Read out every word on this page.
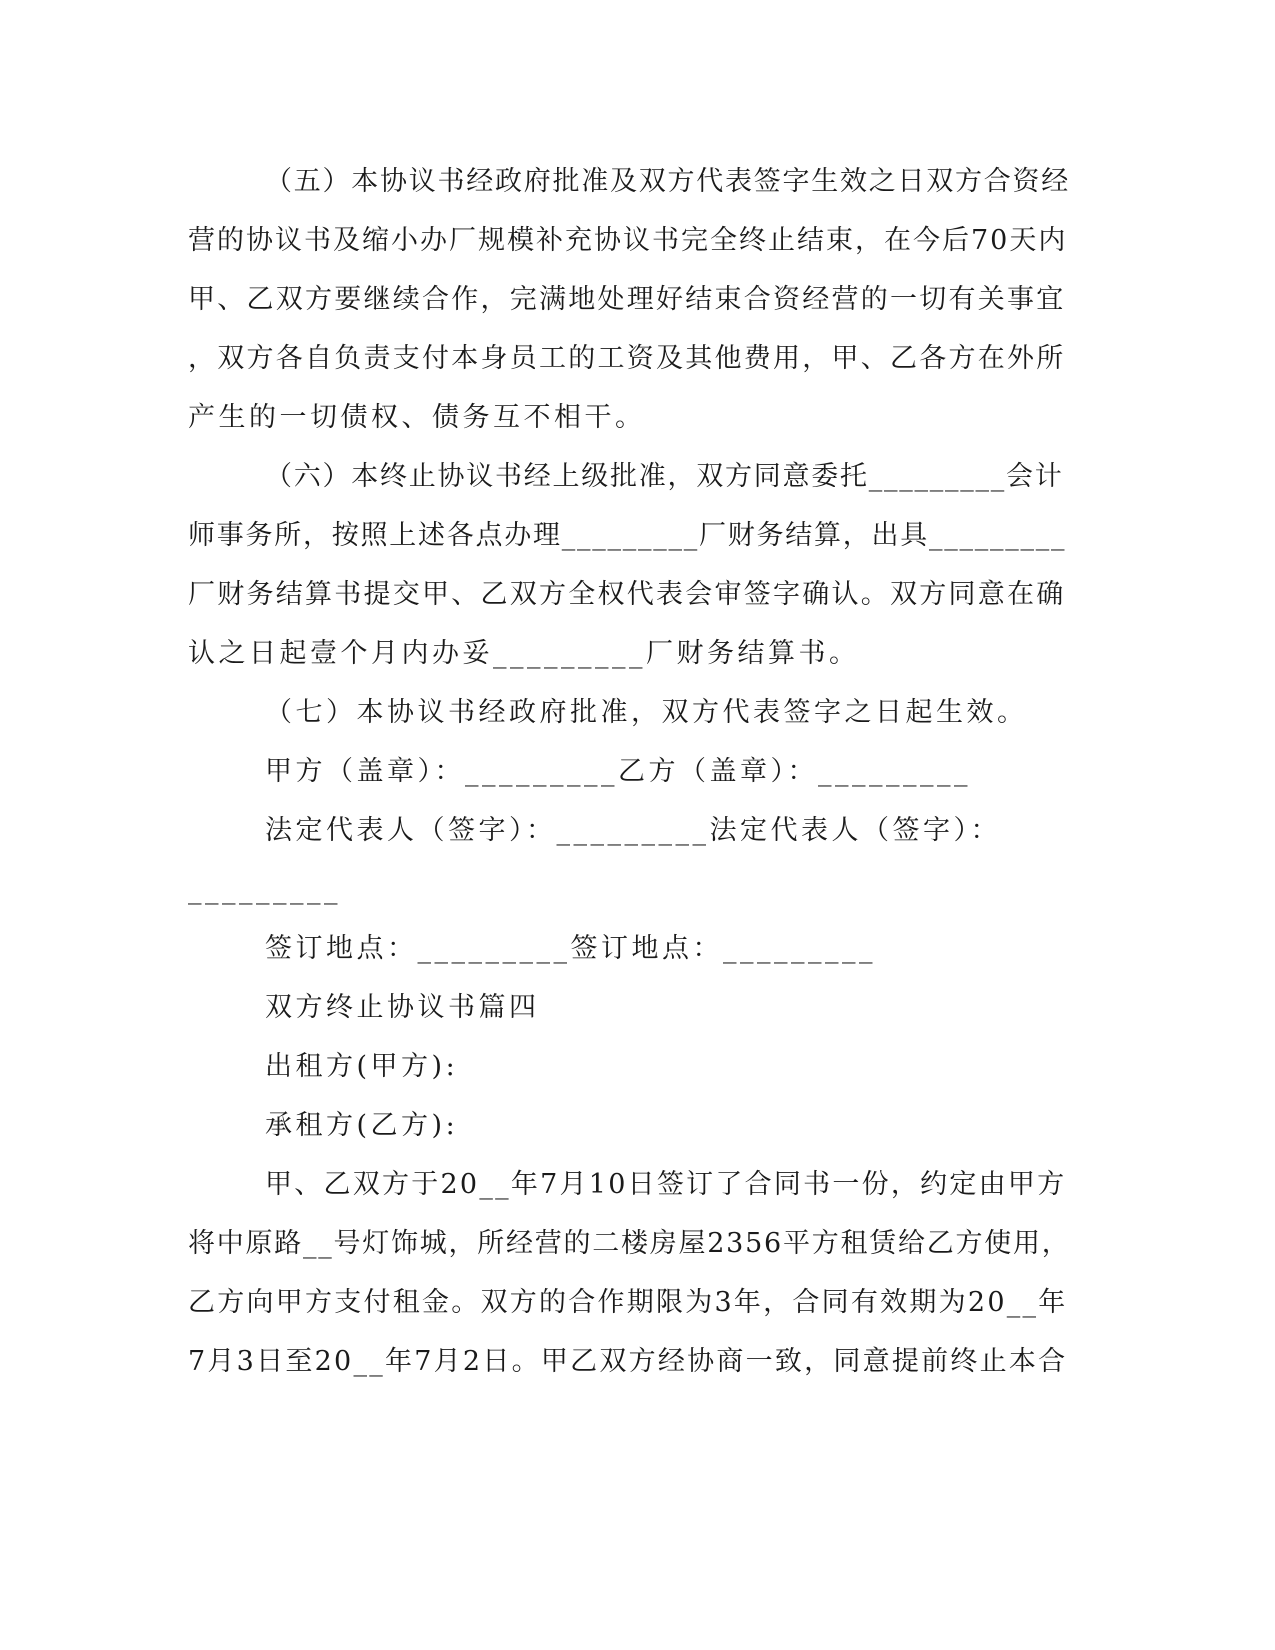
（五）本协议书经政府批准及双方代表签字生效之日双方合资经

营的协议书及缩小办厂规模补充协议书完全终止结束，在今后70天内

甲、乙双方要继续合作，完满地处理好结束合资经营的一切有关事宜

，双方各自负责支付本身员工的工资及其他费用，甲、乙各方在外所

产生的一切债权、债务互不相干。

（六）本终止协议书经上级批准，双方同意委托_________会计

师事务所，按照上述各点办理_________厂财务结算，出具_________

厂财务结算书提交甲、乙双方全权代表会审签字确认。双方同意在确

认之日起壹个月内办妥_________厂财务结算书。

（七）本协议书经政府批准，双方代表签字之日起生效。

甲方（盖章）：_________乙方（盖章）：_________

法定代表人（签字）：_________法定代表人（签字）：

_________

签订地点：_________签订地点：_________

双方终止协议书篇四

出租方(甲方):

承租方(乙方):

甲、乙双方于20__年7月10日签订了合同书一份，约定由甲方

将中原路__号灯饰城，所经营的二楼房屋2356平方租赁给乙方使用，

乙方向甲方支付租金。双方的合作期限为3年，合同有效期为20__年

7月3日至20__年7月2日。甲乙双方经协商一致，同意提前终止本合
